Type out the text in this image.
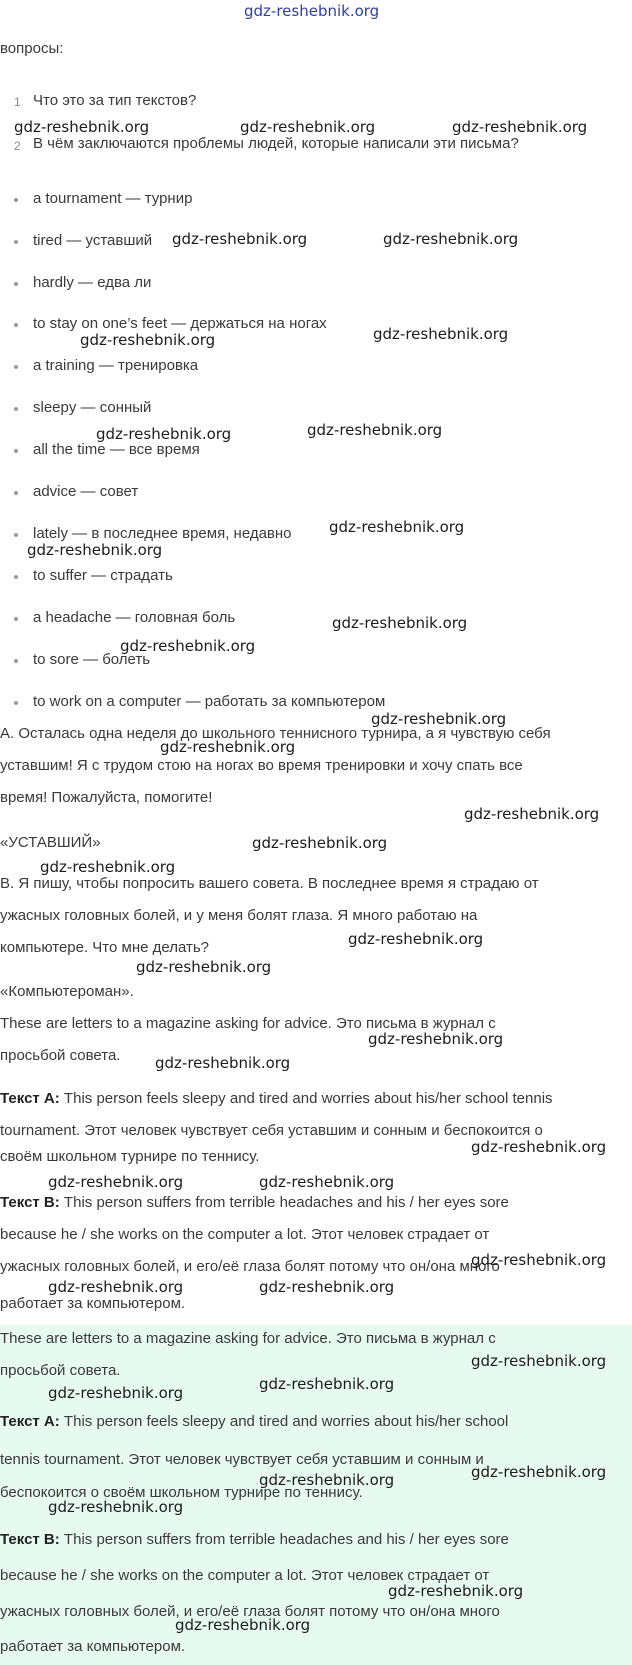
gdz-reshebnik.org
вопросы:
1 Что это за тип текстов?
2 В чём заключаются проблемы людей, которые написали эти письма?
a tournament — турнир
tired — уставший
hardly — едва ли
to stay on one’s feet — держаться на ногах
a training — тренировка
sleepy — сонный
all the time — все время
advice — совет
lately — в последнее время, недавно
to suffer — страдать
a headache — головная боль
to sore — болеть
to work on a computer — работать за компьютером
А. Осталась одна неделя до школьного теннисного турнира, а я чувствую себя
уставшим! Я с трудом стою на ногах во время тренировки и хочу спать все
время! Пожалуйста, помогите!
«УСТАВШИЙ»
В. Я пишу, чтобы попросить вашего совета. В последнее время я страдаю от
ужасных головных болей, и у меня болят глаза. Я много работаю на
компьютере. Что мне делать?
«Компьютероман».
These are letters to a magazine asking for advice. Это письма в журнал с
просьбой совета.
Текст А: This person feels sleepy and tired and worries about his/her school tennis
tournament. Этот человек чувствует себя уставшим и сонным и беспокоится о
своём школьном турнире по теннису.
Текст В: This person suffers from terrible headaches and his / her eyes sore
because he / she works on the computer a lot. Этот человек страдает от
ужасных головных болей, и его/её глаза болят потому что он/она много
работает за компьютером.
These are letters to a magazine asking for advice. Это письма в журнал с
просьбой совета.
Текст А: This person feels sleepy and tired and worries about his/her school
tennis tournament. Этот человек чувствует себя уставшим и сонным и
беспокоится о своём школьном турнире по теннису.
Текст В: This person suffers from terrible headaches and his / her eyes sore
because he / she works on the computer a lot. Этот человек страдает от
ужасных головных болей, и его/её глаза болят потому что он/она много
работает за компьютером.
gdz-reshebnik.org	gdz-reshebnik.org	gdz-reshebnik.org
gdz-reshebnik.org	gdz-reshebnik.org
gdz-reshebnik.org	gdz-reshebnik.org
gdz-reshebnik.org	gdz-reshebnik.org
gdz-reshebnik.org
gdz-reshebnik.org
gdz-reshebnik.org
gdz-reshebnik.org
gdz-reshebnik.org
gdz-reshebnik.org
gdz-reshebnik.org
gdz-reshebnik.org
gdz-reshebnik.org
gdz-reshebnik.org
gdz-reshebnik.org
gdz-reshebnik.org
gdz-reshebnik.org
gdz-reshebnik.org
gdz-reshebnik.org	gdz-reshebnik.org
gdz-reshebnik.org
gdz-reshebnik.org	gdz-reshebnik.org
gdz-reshebnik.org
gdz-reshebnik.org	gdz-reshebnik.org
gdz-reshebnik.org
gdz-reshebnik.org
gdz-reshebnik.org
gdz-reshebnik.org
gdz-reshebnik.org
